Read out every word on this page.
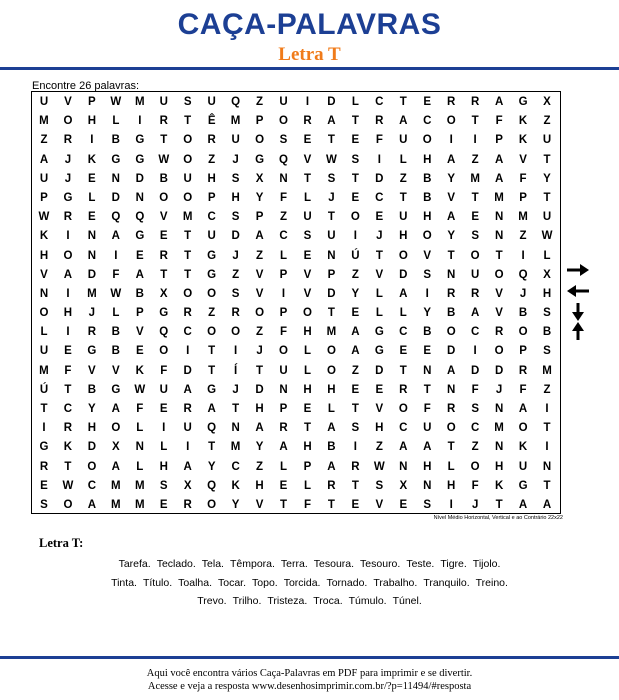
CAÇA-PALAVRAS
Letra T
Encontre 26 palavras:
U	V	P	W	M	U	S	U	Q	Z	U	I	D	L	C	T	E	R	R	A	G	X
M	O	H	L	I	R	T	Ê	M	P	O	R	A	T	R	A	C	O	T	F	K	Z
Z	R	I	B	G	T	O	R	U	O	S	E	T	E	F	U	O	I	I	P	K	U
A	J	K	G	G	W	O	Z	J	G	Q	V	W	S	I	L	H	A	Z	A	V	T
U	J	E	N	D	B	U	H	S	X	N	T	S	T	D	Z	B	Y	M	A	F	Y
P	G	L	D	N	O	O	P	H	Y	F	L	J	E	C	T	B	V	T	M	P	T
W	R	E	Q	Q	V	M	C	S	P	Z	U	T	O	E	U	H	A	E	N	M	U
K	I	N	A	G	E	T	U	D	A	C	S	U	I	J	H	O	Y	S	N	Z	W
H	O	N	I	E	R	T	G	J	Z	L	E	N	Ú	T	O	V	T	O	T	I	L
V	A	D	F	A	T	T	G	Z	V	P	V	P	Z	V	D	S	N	U	O	Q	X
N	I	M	W	B	X	O	O	S	V	I	V	D	Y	L	A	I	R	R	V	J	H
O	H	J	L	P	G	R	Z	R	O	P	O	T	E	L	L	Y	B	A	V	B	S
L	I	R	B	V	Q	C	O	O	Z	F	H	M	A	G	C	B	O	C	R	O	B
U	E	G	B	E	O	I	T	I	J	O	L	O	A	G	E	E	D	I	O	P	S
M	F	V	V	K	F	D	T	Í	T	U	L	O	Z	D	T	N	A	D	D	R	M
Ú	T	B	G	W	U	A	G	J	D	N	H	H	E	E	R	T	N	F	J	F	Z
T	C	Y	A	F	E	R	A	T	H	P	E	L	T	V	O	F	R	S	N	A	I
I	R	H	O	L	I	U	Q	N	A	R	T	A	S	H	C	U	O	C	M	O	T
G	K	D	X	N	L	I	T	M	Y	A	H	B	I	Z	A	A	T	Z	N	K	I
R	T	O	A	L	H	A	Y	C	Z	L	P	A	R	W	N	H	L	O	H	U	N
E	W	C	M	M	S	X	Q	K	H	E	L	R	T	S	X	N	H	F	K	G	T
S	O	A	M	M	E	R	O	Y	V	T	F	T	E	V	E	S	I	J	T	A	A
Nível Médio Horizontal, Vertical e ao Contrário 22x22
Letra T:
Tarefa. Teclado. Tela. Têmpora. Terra. Tesoura. Tesouro. Teste. Tigre. Tijolo.
Tinta. Título. Toalha. Tocar. Topo. Torcida. Tornado. Trabalho. Tranquilo. Treino.
Trevo. Trilho. Tristeza. Troca. Túmulo. Túnel.
Aqui você encontra vários Caça-Palavras em PDF para imprimir e se divertir.
Acesse e veja a resposta www.desenhosimprimir.com.br/?p=11494/#resposta
